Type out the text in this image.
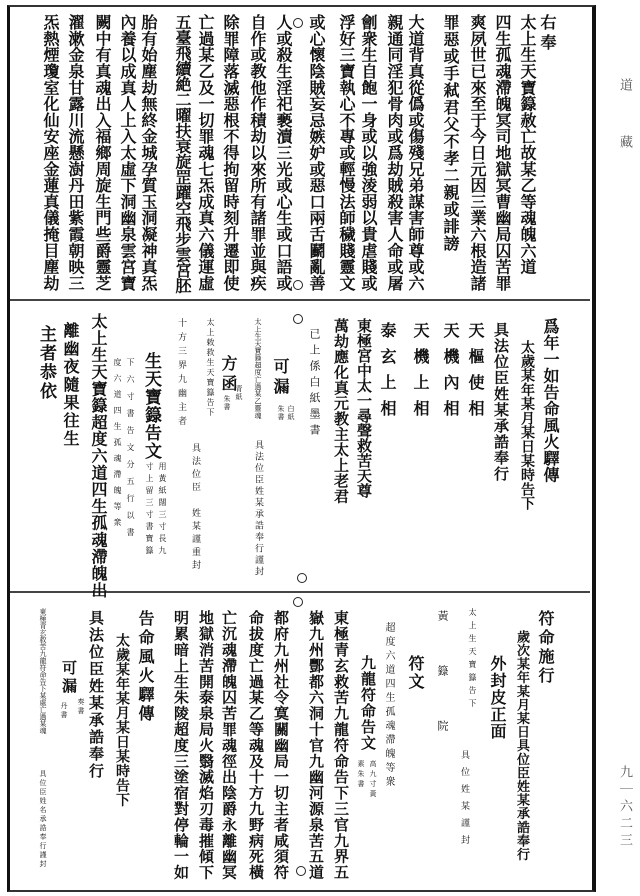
道
藏
九｜六二三
右奉
太上生天寶籙赦亡故某乙等魂魄六道
四生孤魂滯魄冥司地獄冥曹幽局囚苦罪
爽夙世已來至于今日元因三業六根造諸
罪惡或手弒君父不孝二親或誹謗
大道背真從僞或傷殘兄弟謀害師尊或六
親通同淫犯骨肉或爲劫賊殺害人命或屠
劊衆生自飽一身或以強淩弱以貴虐賤或
浮好三寶執心不專或輕慢法師穢賤靈文
或心懷陰賊妄忌嫉妒或惡口兩舌鬬亂善
人或殺生淫祀褻瀆三光或心生或口語或
自作或教他作積劫以來所有諸罪並與疾
除罪障落滅惡根不得拘留時刻升遷即使
亡過某乙及一切罪魂七炁成真六儀運虛
五臺飛續絶二曜扶衰旋罡躍空飛步雲宮胚
胎有始塵劫無終金城孕質玉洞凝神真炁
內養以成真人上入太虛下洞幽泉雲宮寶
闕中有真魂出入福鄉周旋生門些爵靈芝
濯漱金泉甘露川流懸澍丹田紫霞朝映三
炁熱煙瓊室化仙安座金蓮真儀掩目塵劫
爲年一如告命風火驛傳
太歲某年某月某日某時告下
具法位臣姓某承誥奉行
天樞使相
天機內相
天機上相
泰玄上相
東極宮中太一尋聲救苦天尊
萬劫應化真元教主太上老君
已上係白紙墨書
太上生天寶籙超度亡過某乙靈魂
具法位臣姓某承誥奉行謹封
可漏
白紙
朱書
方函
青紙
朱書
太上敕救生天寶籙告下
十方三界九幽主者
具法位臣　姓某謹重封
生天寶籙告文
用黃紙闊三寸長九
寸上留三寸書寶籙
下六寸書告文分五行以書
度六道四生孤魂滯魄等衆
太上生天寶籙超度六道四生孤魂滯魄出
離幽夜隨果往生
主者恭依
符命施行
歲次某年某月某日具位臣姓某承誥奉行
外封皮正面
太上生天寶籙告下
黃籙院
具位姓某謹封
符文
超度六道四生孤魂滯魄等衆
九龍符命告文
高九寸黃
素朱書
東極青玄救苦九龍符命告下三官九界五
嶽九州酆都六洞十官九幽河源泉苦五道
都府九州社令寞關幽局一切主者咸須符
命拔度亡過某乙等魂及十方九野病死橫
亡沉魂滯魄囚苦罪魂徑出陰爵永離幽冥
地獄消苦開泰泉局火翳滅焰刃毒摧傾下
明累暗上生朱陵超度三塗宿對停輪一如
告命風火驛傳
太歲某年某月某日某時告下
具法位臣姓某承誥奉行
可漏
奏書
丹書
東極青玄救苦九龍符命告下某處亡過某魂
具位臣姓名承誥奉行謹封
